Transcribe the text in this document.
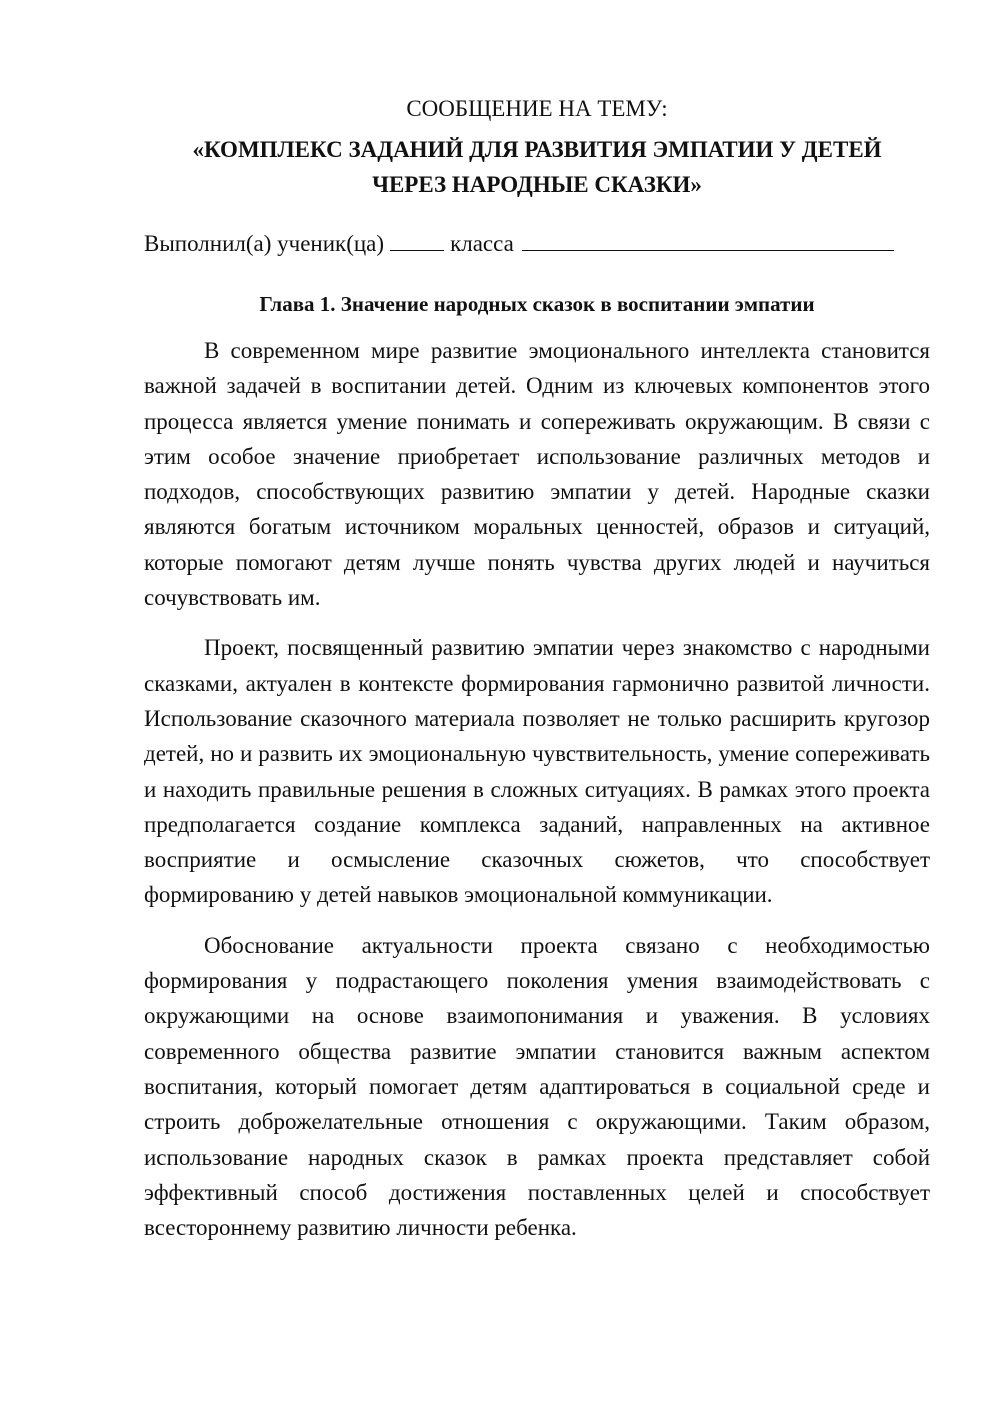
СООБЩЕНИЕ НА ТЕМУ:
«КОМПЛЕКС ЗАДАНИЙ ДЛЯ РАЗВИТИЯ ЭМПАТИИ У ДЕТЕЙ
ЧЕРЕЗ НАРОДНЫЕ СКАЗКИ»
Выполнил(а) ученик(ца)	класса
Глава 1. Значение народных сказок в воспитании эмпатии

В современном мире развитие эмоционального интеллекта становится важной задачей в воспитании детей. Одним из ключевых компонентов этого процесса является умение понимать и сопереживать окружающим. В связи с этим особое значение приобретает использование различных методов и подходов, способствующих развитию эмпатии у детей. Народные сказки являются богатым источником моральных ценностей, образов и ситуаций, которые помогают детям лучше понять чувства других людей и научиться сочувствовать им.

Проект, посвященный развитию эмпатии через знакомство с народными сказками, актуален в контексте формирования гармонично развитой личности. Использование сказочного материала позволяет не только расширить кругозор детей, но и развить их эмоциональную чувствительность, умение сопереживать и находить правильные решения в сложных ситуациях. В рамках этого проекта предполагается создание комплекса заданий, направленных на активное восприятие и осмысление сказочных сюжетов, что способствует формированию у детей навыков эмоциональной коммуникации.

Обоснование актуальности проекта связано с необходимостью формирования у подрастающего поколения умения взаимодействовать с окружающими на основе взаимопонимания и уважения. В условиях современного общества развитие эмпатии становится важным аспектом воспитания, который помогает детям адаптироваться в социальной среде и строить доброжелательные отношения с окружающими. Таким образом, использование народных сказок в рамках проекта представляет собой эффективный способ достижения поставленных целей и способствует всестороннему развитию личности ребенка.
